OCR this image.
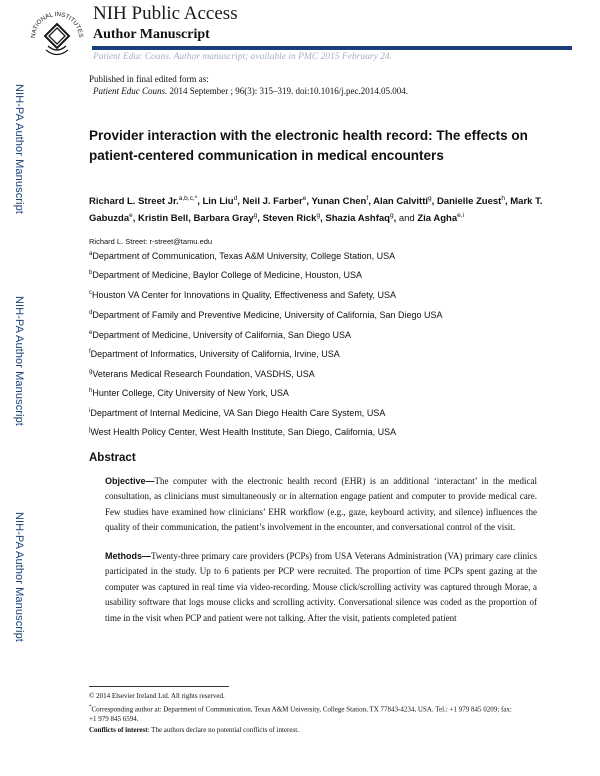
NATIONAL INSTITUTES
NIH Public Access
Author Manuscript
Patient Educ Couns. Author manuscript; available in PMC 2015 February 24.
NIH-PA Author Manuscript
NIH-PA Author Manuscript
NIH-PA Author Manuscript
Published in final edited form as:
Patient Educ Couns. 2014 September ; 96(3): 315–319. doi:10.1016/j.pec.2014.05.004.
Provider interaction with the electronic health record: The effects on patient-centered communication in medical encounters
Richard L. Street Jr.$^{a,b,c,*}$, Lin Liu$^d$, Neil J. Farber$^e$, Yunan Chen$^f$, Alan Calvitti$^g$, Danielle Zuest$^h$, Mark T. Gabuzda$^e$, Kristin Bell, Barbara Gray$^g$, Steven Rick$^g$, Shazia Ashfaq$^g$, and Zia Agha$^{e,i}$
Richard L. Street: r-street@tamu.edu
$^a$Department of Communication, Texas A&M University, College Station, USA
$^b$Department of Medicine, Baylor College of Medicine, Houston, USA
$^c$Houston VA Center for Innovations in Quality, Effectiveness and Safety, USA
$^d$Department of Family and Preventive Medicine, University of California, San Diego USA
$^e$Department of Medicine, University of California, San Diego USA
$^f$Department of Informatics, University of California, Irvine, USA
$^g$Veterans Medical Research Foundation, VASDHS, USA
$^h$Hunter College, City University of New York, USA
$^i$Department of Internal Medicine, VA San Diego Health Care System, USA
$^j$West Health Policy Center, West Health Institute, San Diego, California, USA
Abstract
Objective—The computer with the electronic health record (EHR) is an additional ‘interactant’ in the medical consultation, as clinicians must simultaneously or in alternation engage patient and computer to provide medical care. Few studies have examined how clinicians’ EHR workflow (e.g., gaze, keyboard activity, and silence) influences the quality of their communication, the patient’s involvement in the encounter, and conversational control of the visit.
Methods—Twenty-three primary care providers (PCPs) from USA Veterans Administration (VA) primary care clinics participated in the study. Up to 6 patients per PCP were recruited. The proportion of time PCPs spent gazing at the computer was captured in real time via video-recording. Mouse click/scrolling activity was captured through Morae, a usability software that logs mouse clicks and scrolling activity. Conversational silence was coded as the proportion of time in the visit when PCP and patient were not talking. After the visit, patients completed patient
© 2014 Elsevier Ireland Ltd. All rights reserved.
*Corresponding author at: Department of Communication, Texas A&M University, College Station, TX 77843-4234, USA. Tel.: +1 979 845 0209; fax: +1 979 845 6594.
Conflicts of interest: The authors declare no potential conflicts of interest.
